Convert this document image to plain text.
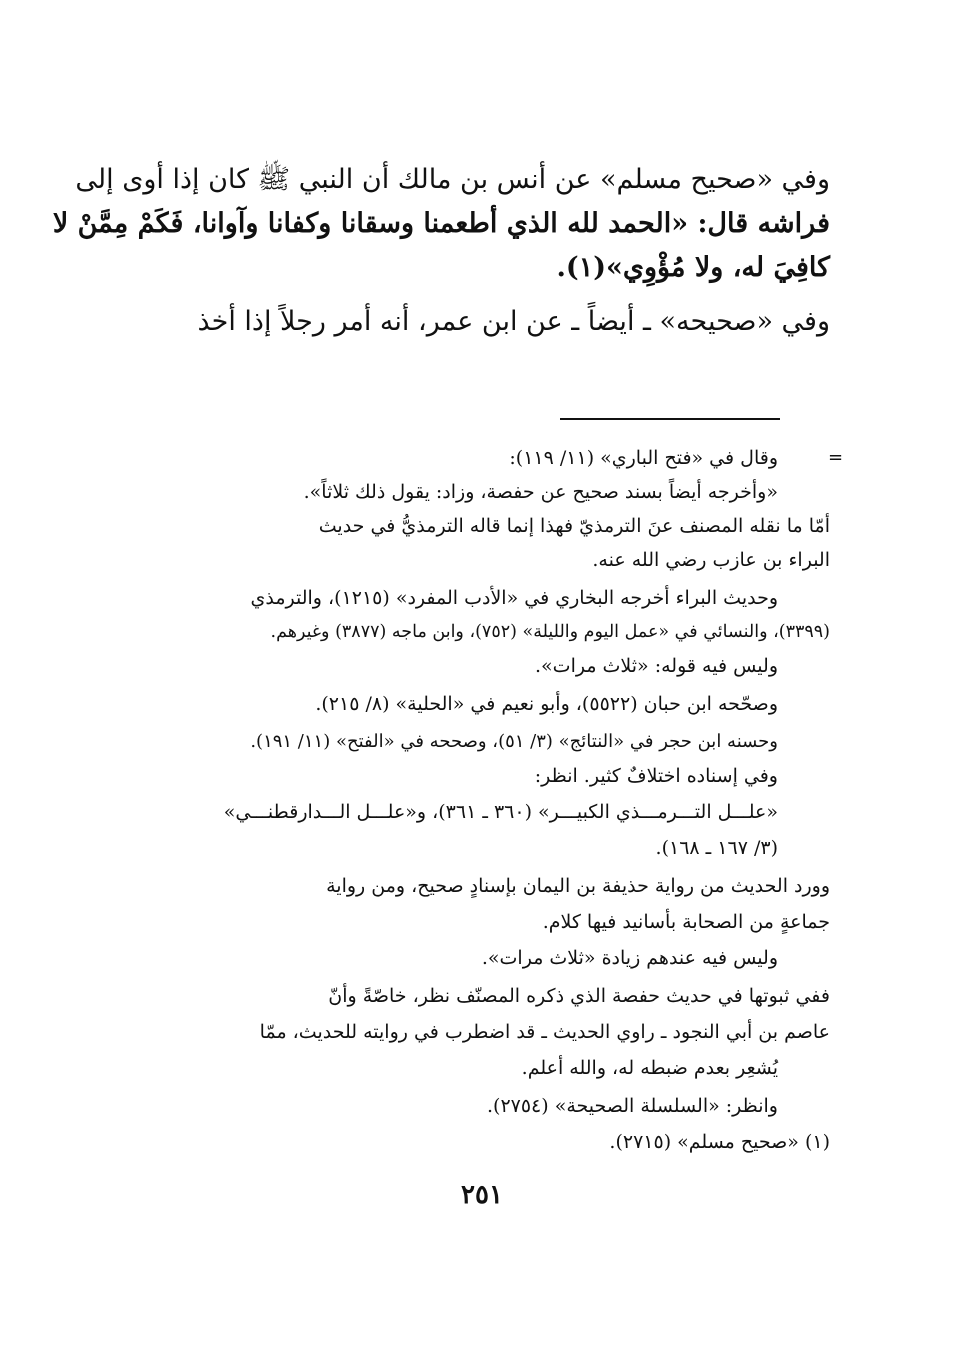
وفي «صحيح مسلم» عن أنس بن مالك أن النبي ﷺ كان إذا أوى إلى
فراشه قال: «الحمد لله الذي أطعمنا وسقانا وكفانا وآوانا، فَكَمْ مِمَّنْ لا
كافِيَ له، ولا مُؤْوِي»(١).
وفي «صحيحه» ـ أيضاً ـ عن ابن عمر، أنه أمر رجلاً إذا أخذ
=
وقال في «فتح الباري» (١١/ ١١٩):
«وأخرجه أيضاً بسند صحيح عن حفصة، وزاد: يقول ذلك ثلاثاً».
أمّا ما نقله المصنف عنَ الترمذيّ فهذا إنما قاله الترمذيُّ في حديث
البراء بن عازب رضي الله عنه.
وحديث البراء أخرجه البخاري في «الأدب المفرد» (١٢١٥)، والترمذي
(٣٣٩٩)، والنسائي في «عمل اليوم والليلة» (٧٥٢)، وابن ماجه (٣٨٧٧) وغيرهم.
وليس فيه قوله: «ثلاث مرات».
وصحّحه ابن حبان (٥٥٢٢)، وأبو نعيم في «الحلية» (٨/ ٢١٥).
وحسنه ابن حجر في «النتائج» (٣/ ٥١)، وصححه في «الفتح» (١١/ ١٩١).
وفي إسناده اختلافٌ كثير. انظر:
«علـــل التـــرمـــذي الكبيـــر» (٣٦٠ ـ ٣٦١)، و«علـــل الـــدارقطنـــي»
(٣/ ١٦٧ ـ ١٦٨).
وورد الحديث من رواية حذيفة بن اليمان بإسنادٍ صحيح، ومن رواية
جماعةٍ من الصحابة بأسانيد فيها كلام.
وليس فيه عندهم زيادة «ثلاث مرات».
ففي ثبوتها في حديث حفصة الذي ذكره المصنّف نظر، خاصّةً وأنّ
عاصم بن أبي النجود ـ راوي الحديث ـ قد اضطرب في روايته للحديث، ممّا
يُشعِر بعدم ضبطه له، والله أعلم.
وانظر: «السلسلة الصحيحة» (٢٧٥٤).
(١) «صحيح مسلم» (٢٧١٥).
٢٥١
